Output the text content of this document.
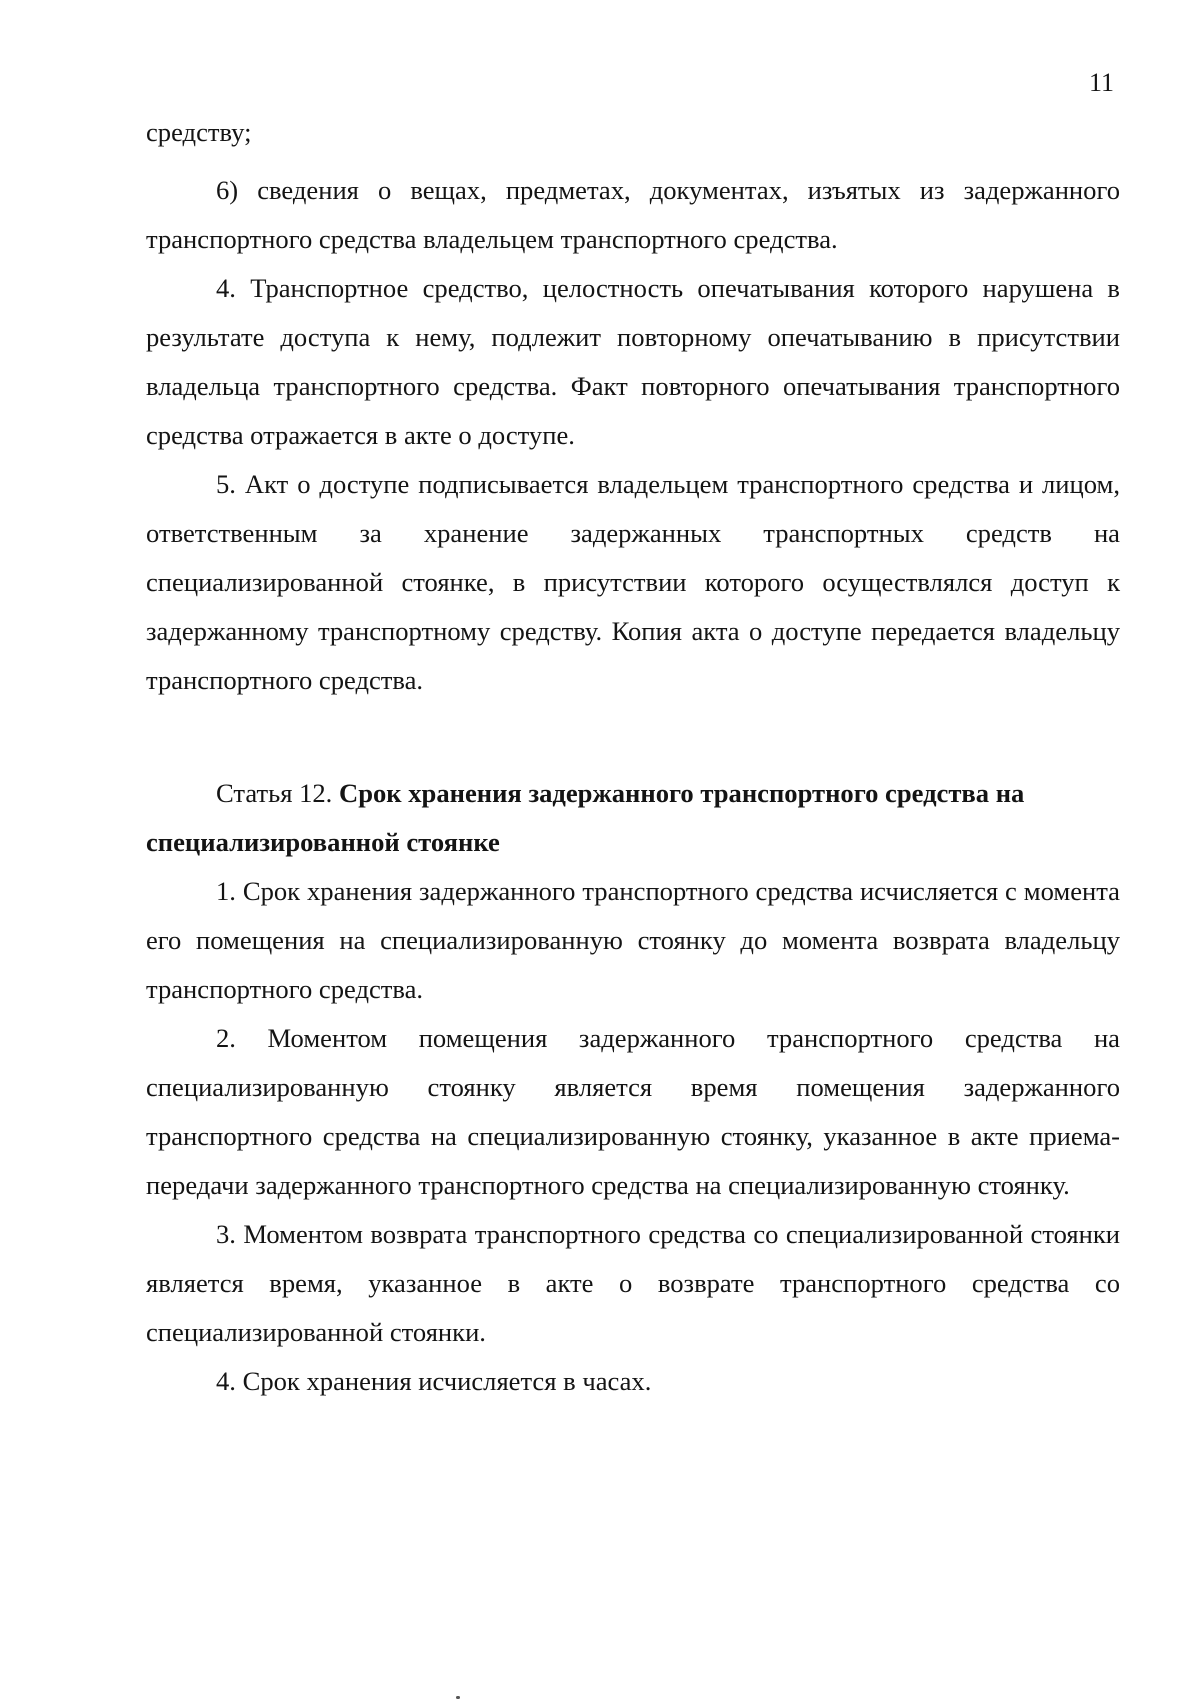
11

средству;

6) сведения о вещах, предметах, документах, изъятых из задержанного транспортного средства владельцем транспортного средства.

4. Транспортное средство, целостность опечатывания которого нарушена в результате доступа к нему, подлежит повторному опечатыванию в присутствии владельца транспортного средства. Факт повторного опечатывания транспортного средства отражается в акте о доступе.

5. Акт о доступе подписывается владельцем транспортного средства и лицом, ответственным за хранение задержанных транспортных средств на специализированной стоянке, в присутствии которого осуществлялся доступ к задержанному транспортному средству. Копия акта о доступе передается владельцу транспортного средства.

Статья 12. Срок хранения задержанного транспортного средства на специализированной стоянке

1. Срок хранения задержанного транспортного средства исчисляется с момента его помещения на специализированную стоянку до момента возврата владельцу транспортного средства.

2. Моментом помещения задержанного транспортного средства на специализированную стоянку является время помещения задержанного транспортного средства на специализированную стоянку, указанное в акте приема-передачи задержанного транспортного средства на специализированную стоянку.

3. Моментом возврата транспортного средства со специализированной стоянки является время, указанное в акте о возврате транспортного средства со специализированной стоянки.

4. Срок хранения исчисляется в часах.
